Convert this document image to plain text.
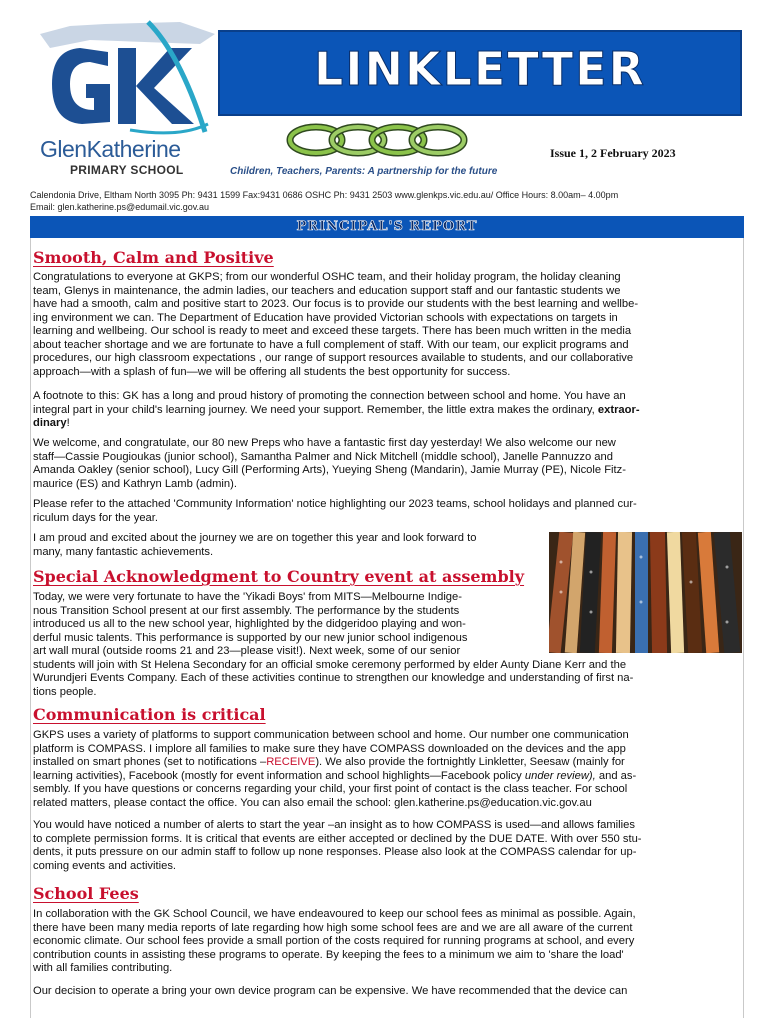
GlenKatherine
PRIMARY SCHOOL
LINKLETTER
Issue 1, 2 February 2023
Children, Teachers, Parents: A partnership for the future
Calendonia Drive, Eltham North 3095 Ph: 9431 1599 Fax:9431 0686 OSHC Ph: 9431 2503 www.glenkps.vic.edu.au/ Office Hours: 8.00am– 4.00pm
Email: glen.katherine.ps@edumail.vic.gov.au
PRINCIPAL'S REPORT
Smooth, Calm and Positive
Congratulations to everyone at GKPS; from our wonderful OSHC team, and their holiday program, the holiday cleaning
team, Glenys in maintenance, the admin ladies, our teachers and education support staff and our fantastic students we
have had a smooth, calm and positive start to 2023. Our focus is to provide our students with the best learning and wellbe-
ing environment we can. The Department of Education have provided Victorian schools with expectations on targets in
learning and wellbeing. Our school is ready to meet and exceed these targets. There has been much written in the media
about teacher shortage and we are fortunate to have a full complement of staff. With our team, our explicit programs and
procedures, our high classroom expectations , our range of support resources available to students, and our collaborative
approach—with a splash of fun—we will be offering all students the best opportunity for success.
A footnote to this: GK has a long and proud history of promoting the connection between school and home. You have an
integral part in your child's learning journey. We need your support. Remember, the little extra makes the ordinary, extraor-
dinary!
We welcome, and congratulate, our 80 new Preps who have a fantastic first day yesterday! We also welcome our new
staff—Cassie Pougioukas (junior school), Samantha Palmer and Nick Mitchell (middle school), Janelle Pannuzzo and
Amanda Oakley (senior school), Lucy Gill (Performing Arts), Yueying Sheng (Mandarin), Jamie Murray (PE), Nicole Fitz-
maurice (ES) and Kathryn Lamb (admin).
Please refer to the attached 'Community Information' notice highlighting our 2023 teams, school holidays and planned cur-
riculum days for the year.
I am proud and excited about the journey we are on together this year and look forward to
many, many fantastic achievements.
Special Acknowledgment to Country event at assembly
Today, we were very fortunate to have the 'Yikadi Boys' from MITS—Melbourne Indige-
nous Transition School present at our first assembly. The performance by the students
introduced us all to the new school year, highlighted by the didgeridoo playing and won-
derful music talents. This performance is supported by our new junior school indigenous
art wall mural (outside rooms 21 and 23—please visit!). Next week, some of our senior
students will join with St Helena Secondary for an official smoke ceremony performed by elder Aunty Diane Kerr and the
Wurundjeri Events Company. Each of these activities continue to strengthen our knowledge and understanding of first na-
tions people.
Communication is critical
GKPS uses a variety of platforms to support communication between school and home. Our number one communication
platform is COMPASS. I implore all families to make sure they have COMPASS downloaded on the devices and the app
installed on smart phones (set to notifications –RECEIVE). We also provide the fortnightly Linkletter, Seesaw (mainly for
learning activities), Facebook (mostly for event information and school highlights—Facebook policy under review), and as-
sembly. If you have questions or concerns regarding your child, your first point of contact is the class teacher. For school
related matters, please contact the office. You can also email the school: glen.katherine.ps@education.vic.gov.au
You would have noticed a number of alerts to start the year –an insight as to how COMPASS is used—and allows families
to complete permission forms. It is critical that events are either accepted or declined by the DUE DATE. With over 550 stu-
dents, it puts pressure on our admin staff to follow up none responses. Please also look at the COMPASS calendar for up-
coming events and activities.
School Fees
In collaboration with the GK School Council, we have endeavoured to keep our school fees as minimal as possible. Again,
there have been many media reports of late regarding how high some school fees are and we are all aware of the current
economic climate. Our school fees provide a small portion of the costs required for running programs at school, and every
contribution counts in assisting these programs to operate. By keeping the fees to a minimum we aim to 'share the load'
with all families contributing.
Our decision to operate a bring your own device program can be expensive. We have recommended that the device can
